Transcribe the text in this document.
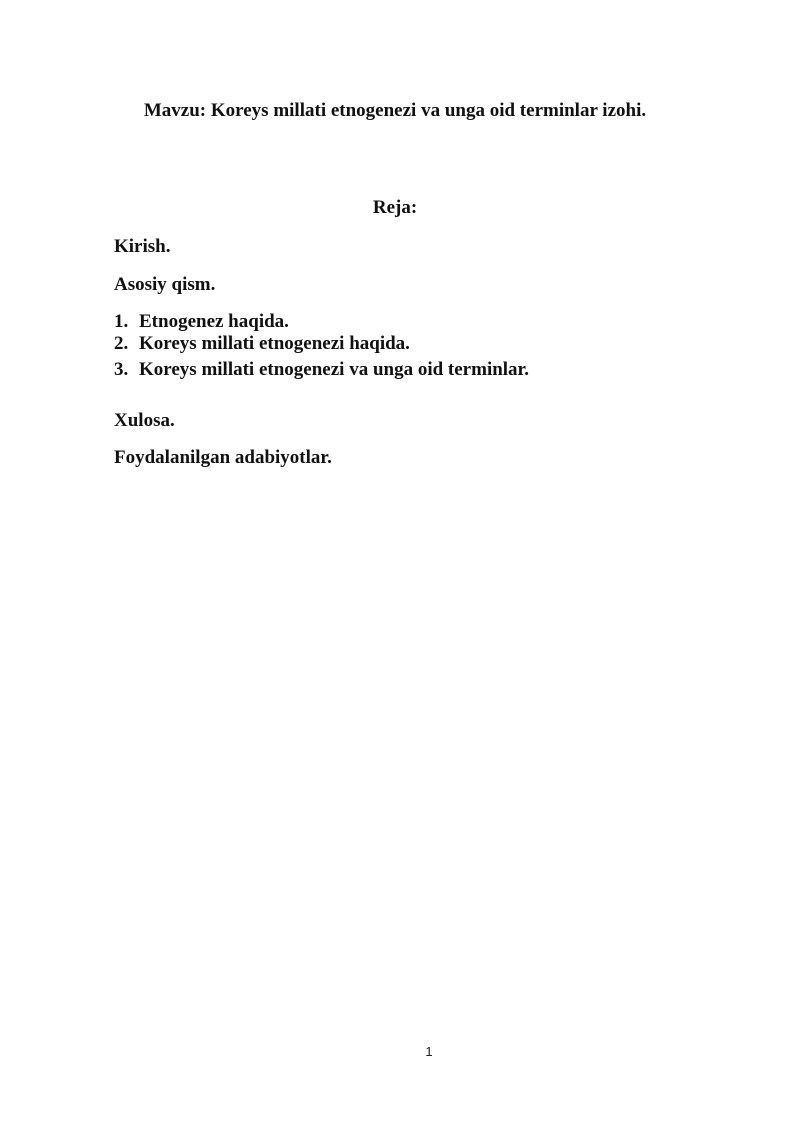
Mavzu: Koreys millati etnogenezi va unga oid terminlar izohi.
Reja:
Kirish.
Asosiy qism.
1. Etnogenez haqida.
2. Koreys millati etnogenezi haqida.
3. Koreys millati etnogenezi va unga oid terminlar.
Xulosa.
Foydalanilgan adabiyotlar.
1
